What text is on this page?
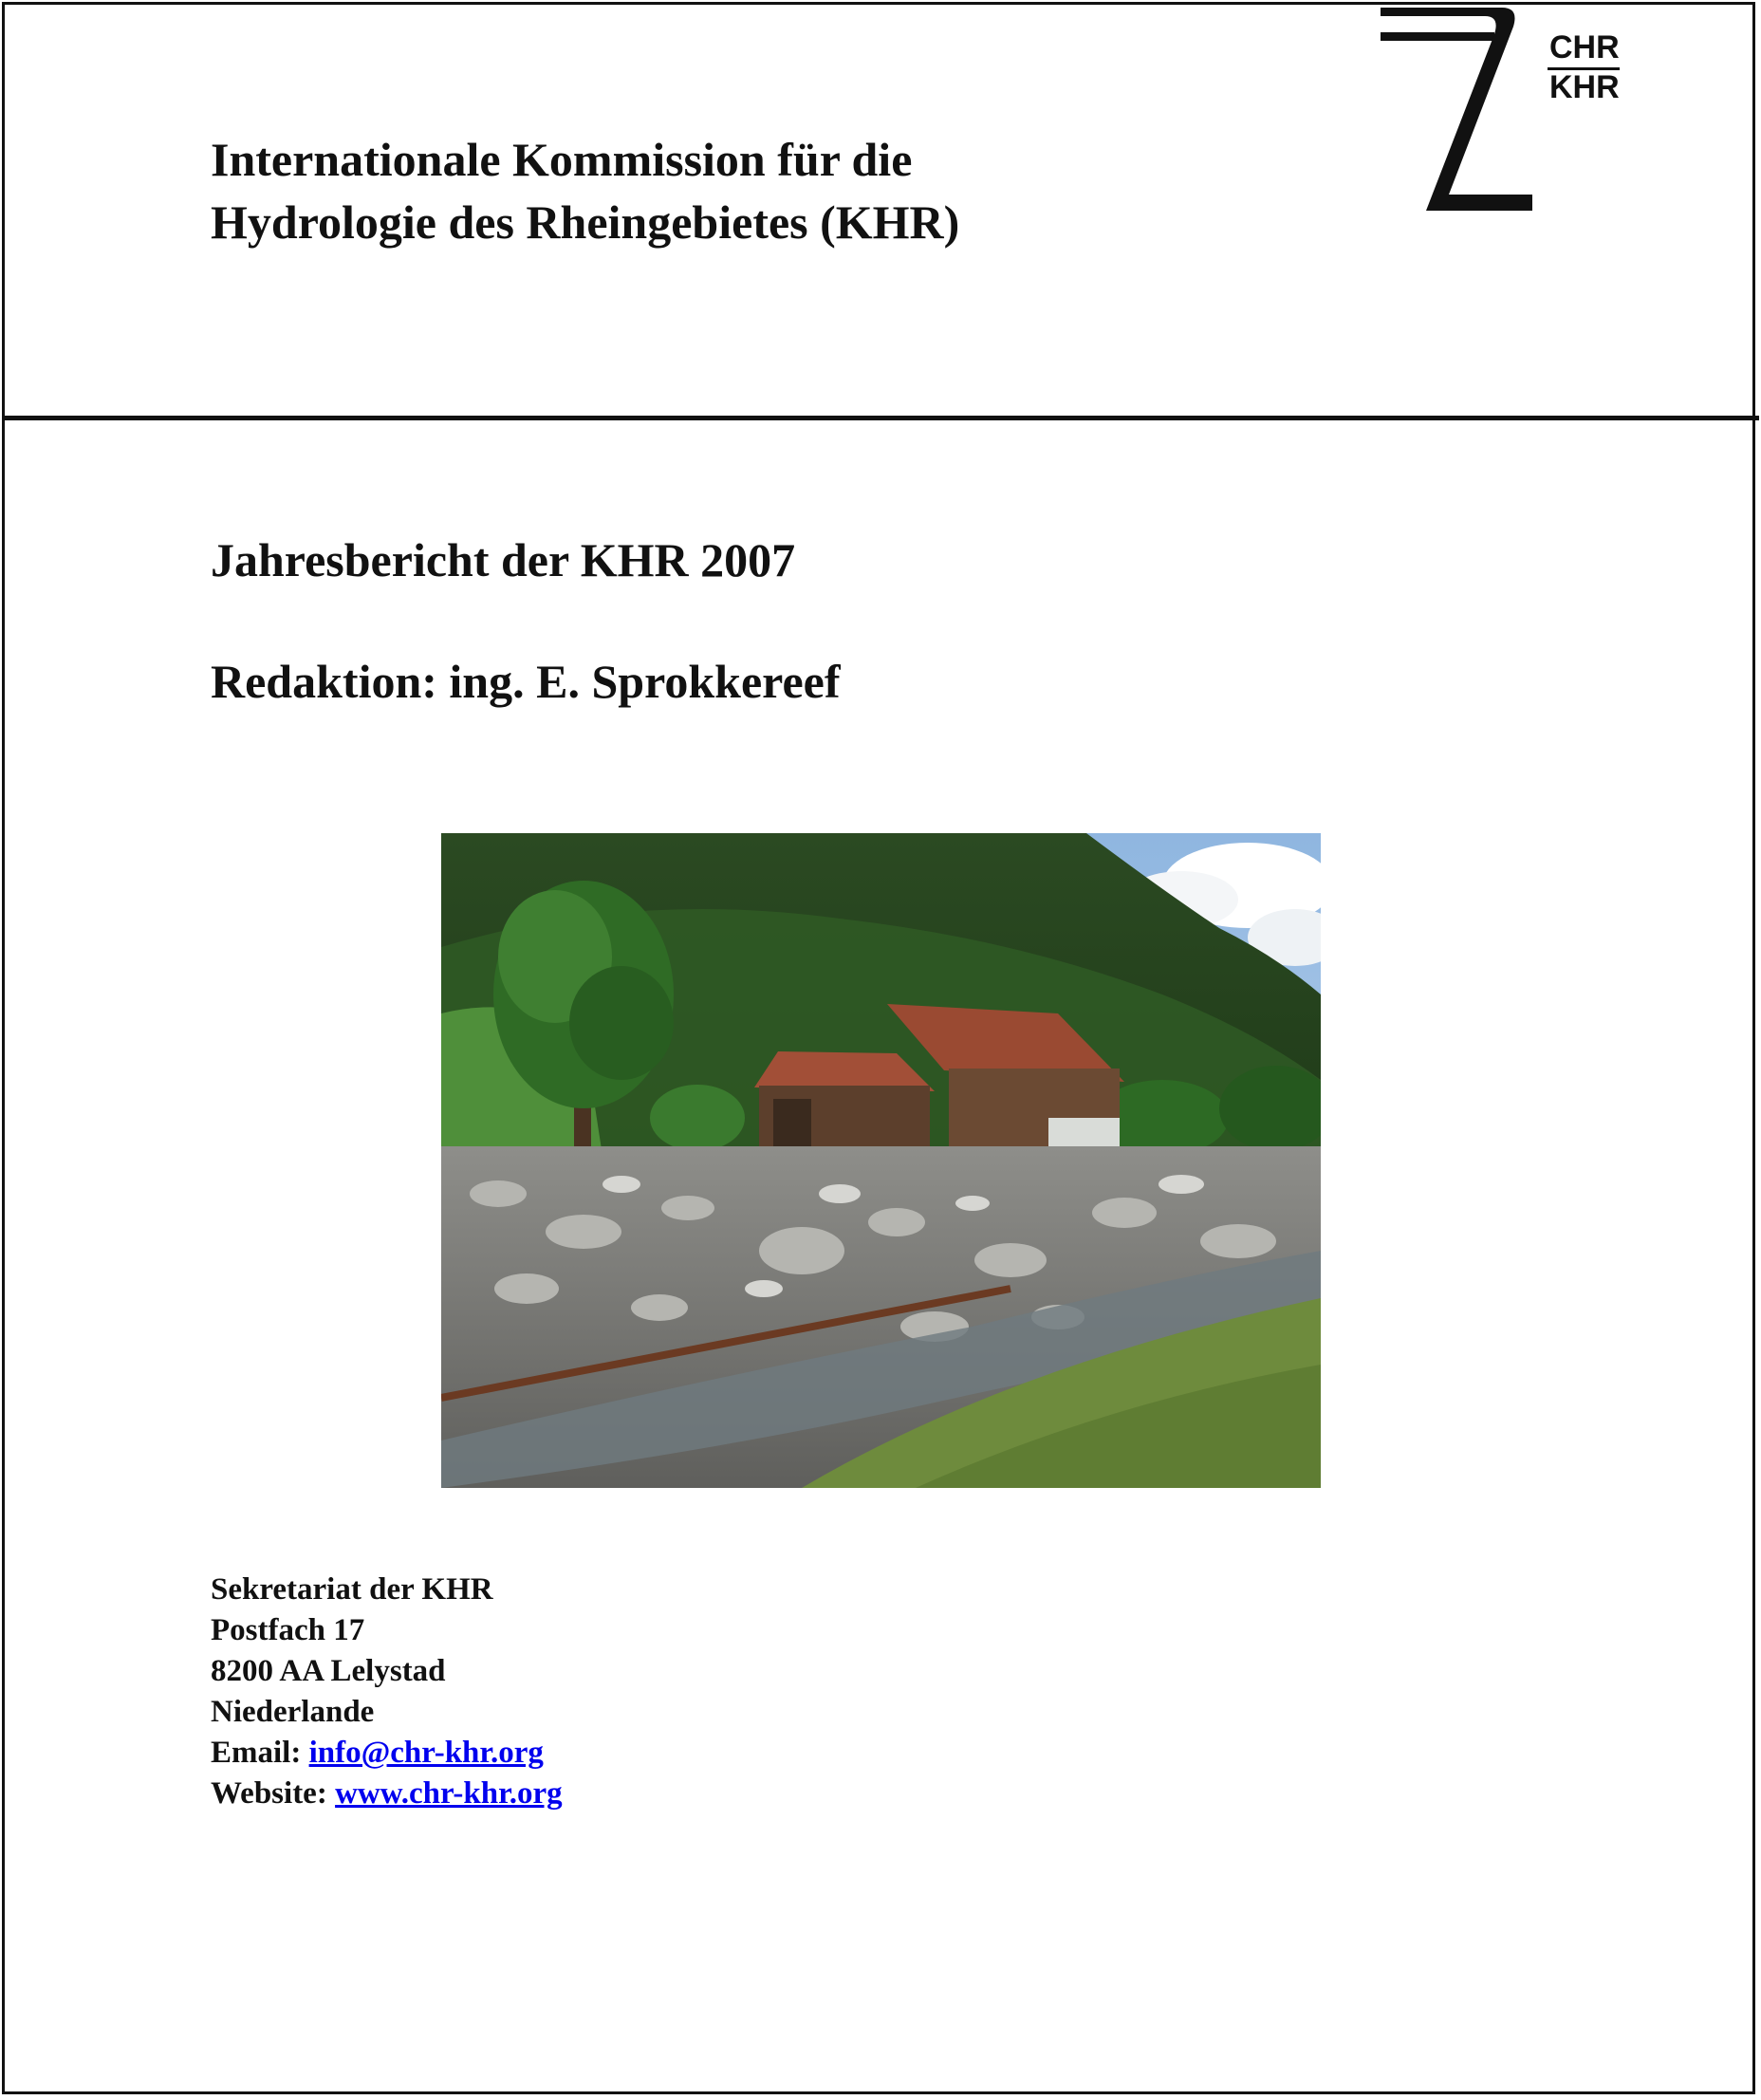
Internationale Kommission für die
Hydrologie des Rheingebietes (KHR)
CHR
KHR
Jahresbericht der KHR 2007
Redaktion: ing. E. Sprokkereef
Sekretariat der KHR
Postfach 17
8200 AA Lelystad
Niederlande
Email: info@chr-khr.org
Website: www.chr-khr.org
